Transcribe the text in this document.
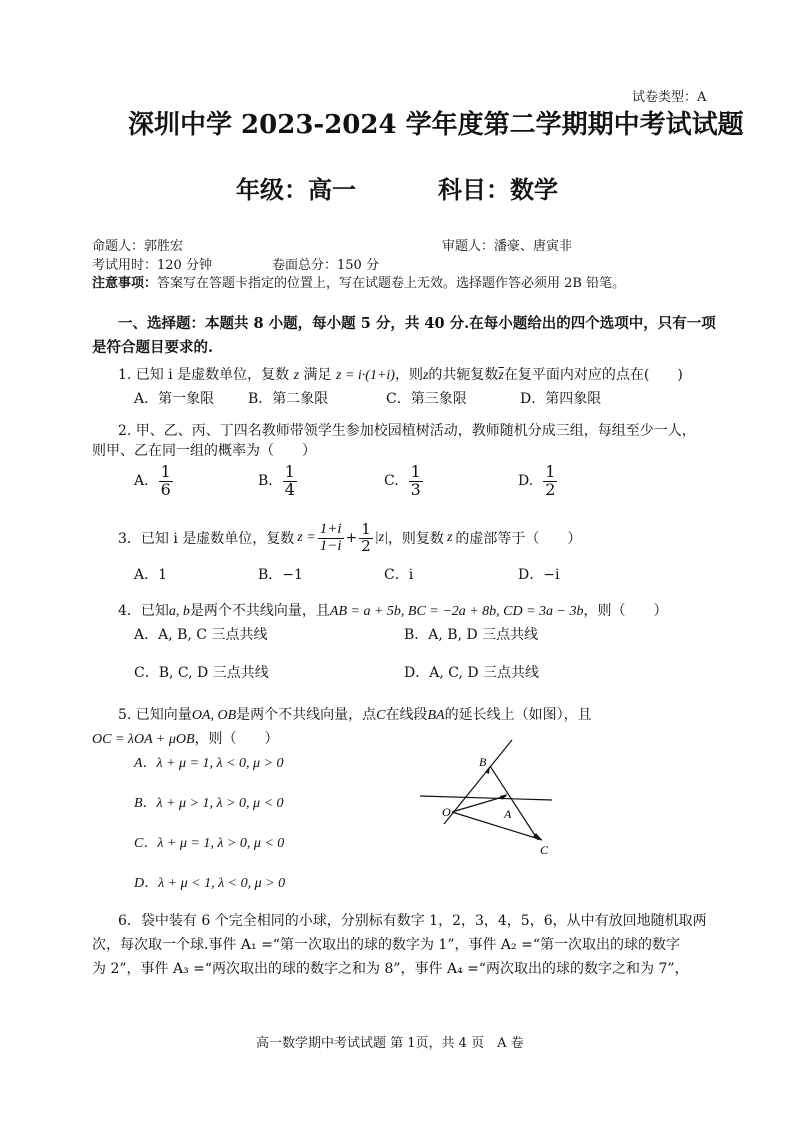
试卷类型：A
深圳中学 2023-2024 学年度第二学期期中考试试题
年级：高一	科目：数学
命题人：郭胜宏	审题人：潘豪、唐寅非
考试用时：120 分钟	卷面总分：150 分
注意事项：答案写在答题卡指定的位置上，写在试题卷上无效。选择题作答必须用 2B 铅笔。
一、选择题：本题共 8 小题，每小题 5 分，共 40 分.在每小题给出的四个选项中，只有一项
是符合题目要求的.
1. 已知 i 是虚数单位，复数 z 满足 z = i·(1+i)，则z的共轭复数$\overline{z}$在复平面内对应的点在(　　)
A．第一象限 B．第二象限	C．第三象限	D．第四象限
2. 甲、乙、丙、丁四名教师带领学生参加校园植树活动，教师随机分成三组，每组至少一人，
则甲、乙在同一组的概率为（　　）
A. $\frac{1}{6}$	B. $\frac{1}{4}$	C. $\frac{1}{3}$	D. $\frac{1}{2}$
3．已知 i 是虚数单位，复数 $z = \frac{1+i}{1-i} + \frac{1}{2} |z|$ ，则复数 z 的虚部等于（　　）
A．1	B．−1	C．i	D．−i
4．已知a, b是两个不共线向量，且AB = a + 5b, BC = −2a + 8b, CD = 3a − 3b，则（　　）
A．A, B, C 三点共线	B．A, B, D 三点共线
C．B, C, D 三点共线	D．A, C, D 三点共线
5. 已知向量OA, OB是两个不共线向量，点C在线段BA的延长线上（如图），且
OC = λOA + μOB，则（　　）
A．λ + μ = 1, λ < 0, μ > 0
B．λ + μ > 1, λ > 0, μ < 0
C．λ + μ = 1, λ > 0, μ < 0
D．λ + μ < 1, λ < 0, μ > 0
B
O	A
C
6．袋中装有 6 个完全相同的小球，分别标有数字 1，2，3，4，5，6，从中有放回地随机取两
次，每次取一个球.事件 A₁ =“第一次取出的球的数字为 1”，事件 A₂ =“第一次取出的球的数字
为 2”，事件 A₃ =“两次取出的球的数字之和为 8”，事件 A₄ =“两次取出的球的数字之和为 7”，
高一数学期中考试试题 第 1页，共 4 页　A 卷
